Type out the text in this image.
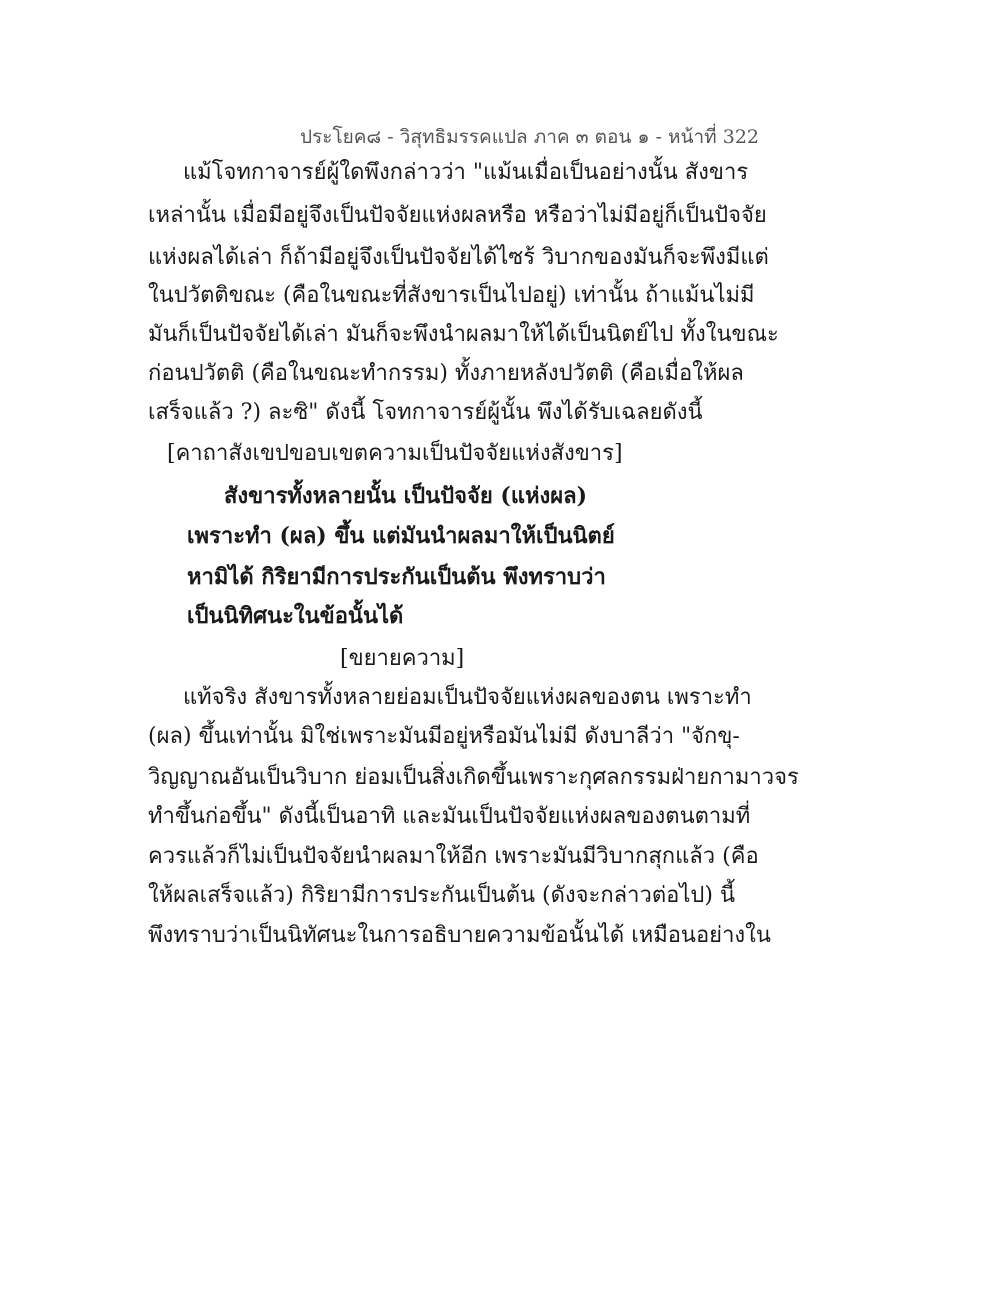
ประโยค๘ - วิสุทธิมรรคแปล ภาค ๓ ตอน ๑ - หน้าที่ 322
แม้โจทกาจารย์ผู้ใดพึงกล่าวว่า "แม้นเมื่อเป็นอย่างนั้น สังขาร
เหล่านั้น เมื่อมีอยู่จึงเป็นปัจจัยแห่งผลหรือ หรือว่าไม่มีอยู่ก็เป็นปัจจัย
แห่งผลได้เล่า ก็ถ้ามีอยู่จึงเป็นปัจจัยได้ไซร้ วิบากของมันก็จะพึงมีแต่
ในปวัตติขณะ (คือในขณะที่สังขารเป็นไปอยู่) เท่านั้น ถ้าแม้นไม่มี
มันก็เป็นปัจจัยได้เล่า มันก็จะพึงนำผลมาให้ได้เป็นนิตย์ไป ทั้งในขณะ
ก่อนปวัตติ (คือในขณะทำกรรม) ทั้งภายหลังปวัตติ (คือเมื่อให้ผล
เสร็จแล้ว ?) ละซิ" ดังนี้ โจทกาจารย์ผู้นั้น พึงได้รับเฉลยดังนี้
[คาถาสังเขปขอบเขตความเป็นปัจจัยแห่งสังขาร]
สังขารทั้งหลายนั้น เป็นปัจจัย (แห่งผล)
เพราะทำ (ผล) ขึ้น แต่มันนำผลมาให้เป็นนิตย์
หามิได้ กิริยามีการประกันเป็นต้น พึงทราบว่า
เป็นนิทิศนะในข้อนั้นได้
[ขยายความ]
แท้จริง สังขารทั้งหลายย่อมเป็นปัจจัยแห่งผลของตน เพราะทำ
(ผล) ขึ้นเท่านั้น มิใช่เพราะมันมีอยู่หรือมันไม่มี ดังบาลีว่า "จักขุ-
วิญญาณอันเป็นวิบาก ย่อมเป็นสิ่งเกิดขึ้นเพราะกุศลกรรมฝ่ายกามาวจร
ทำขึ้นก่อขึ้น" ดังนี้เป็นอาทิ และมันเป็นปัจจัยแห่งผลของตนตามที่
ควรแล้วก็ไม่เป็นปัจจัยนำผลมาให้อีก เพราะมันมีวิบากสุกแล้ว (คือ
ให้ผลเสร็จแล้ว) กิริยามีการประกันเป็นต้น (ดังจะกล่าวต่อไป) นี้
พึงทราบว่าเป็นนิทัศนะในการอธิบายความข้อนั้นได้ เหมือนอย่างใน
